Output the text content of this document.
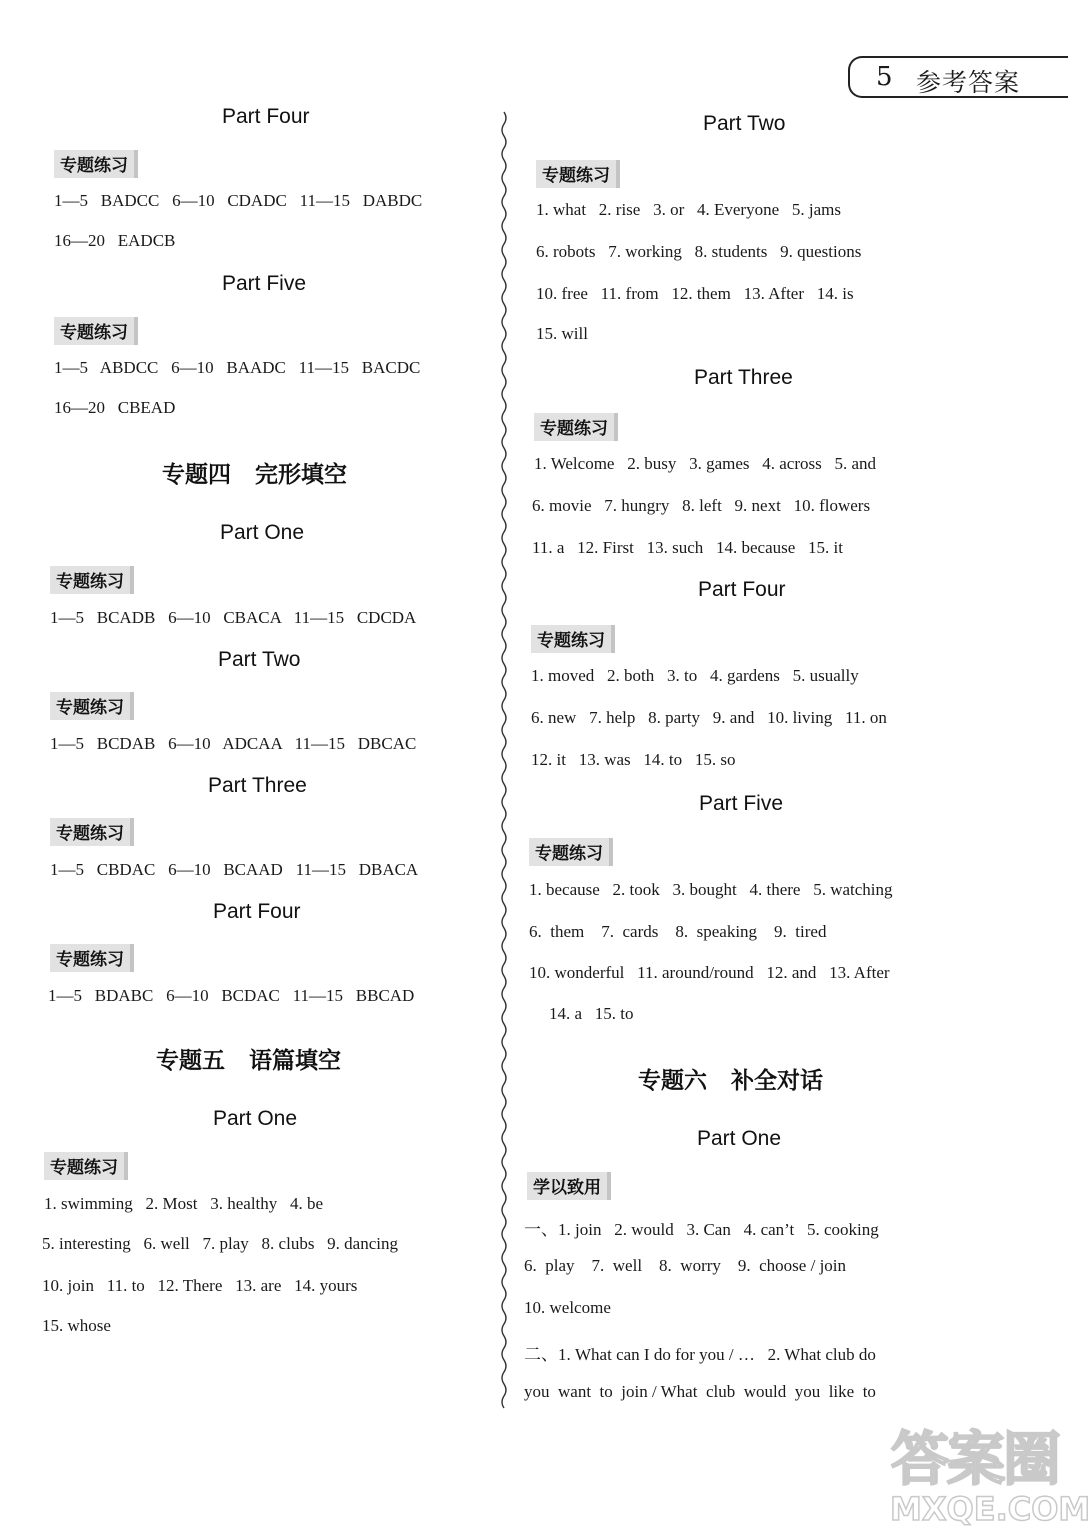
5 参考答案
Part Four
专题练习
1—5   BADCC   6—10   CDADC   11—15   DABDC
16—20   EADCB
Part Five
专题练习
1—5   ABDCC   6—10   BAADC   11—15   BACDC
16—20   CBEAD
专题四   完形填空
Part One
专题练习
1—5   BCADB   6—10   CBACA   11—15   CDCDA
Part Two
专题练习
1—5   BCDAB   6—10   ADCAA   11—15   DBCAC
Part Three
专题练习
1—5   CBDAC   6—10   BCAAD   11—15   DBACA
Part Four
专题练习
1—5   BDABC   6—10   BCDAC   11—15   BBCAD
专题五   语篇填空
Part One
专题练习
1. swimming   2. Most   3. healthy   4. be
5. interesting   6. well   7. play   8. clubs   9. dancing
10. join   11. to   12. There   13. are   14. yours
15. whose
Part Two
专题练习
1. what   2. rise   3. or   4. Everyone   5. jams
6. robots   7. working   8. students   9. questions
10. free   11. from   12. them   13. After   14. is
15. will
Part Three
专题练习
1. Welcome   2. busy   3. games   4. across   5. and
6. movie   7. hungry   8. left   9. next   10. flowers
11. a   12. First   13. such   14. because   15. it
Part Four
专题练习
1. moved   2. both   3. to   4. gardens   5. usually
6. new   7. help   8. party   9. and   10. living   11. on
12. it   13. was   14. to   15. so
Part Five
专题练习
1. because   2. took   3. bought   4. there   5. watching
6.  them    7.  cards    8.  speaking    9.  tired
10. wonderful   11. around/round   12. and   13. After
14. a   15. to
专题六   补全对话
Part One
学以致用
一、1. join   2. would   3. Can   4. can’t   5. cooking
6.  play    7.  well    8.  worry    9.  choose / join
10. welcome
二、1. What can I do for you / …   2. What club do
you  want  to  join / What  club  would  you  like  to
答案圈
MXQE.COM
